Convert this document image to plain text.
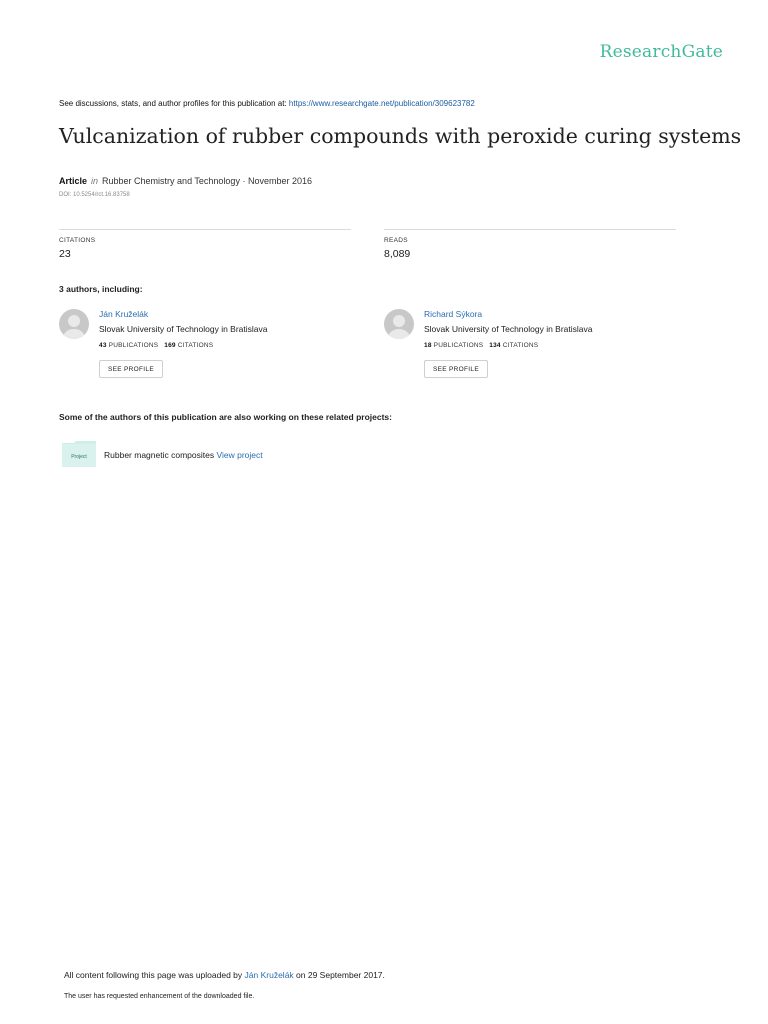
ResearchGate
See discussions, stats, and author profiles for this publication at: https://www.researchgate.net/publication/309623782
Vulcanization of rubber compounds with peroxide curing systems
Article in Rubber Chemistry and Technology · November 2016
DOI: 10.5254/rct.16.83758
CITATIONS
23
READS
8,089
3 authors, including:
Ján Kruželák
Slovak University of Technology in Bratislava
43 PUBLICATIONS 169 CITATIONS
SEE PROFILE
Richard Sýkora
Slovak University of Technology in Bratislava
18 PUBLICATIONS 134 CITATIONS
SEE PROFILE
Some of the authors of this publication are also working on these related projects:
Project Rubber magnetic composites View project
All content following this page was uploaded by Ján Kruželák on 29 September 2017.
The user has requested enhancement of the downloaded file.
